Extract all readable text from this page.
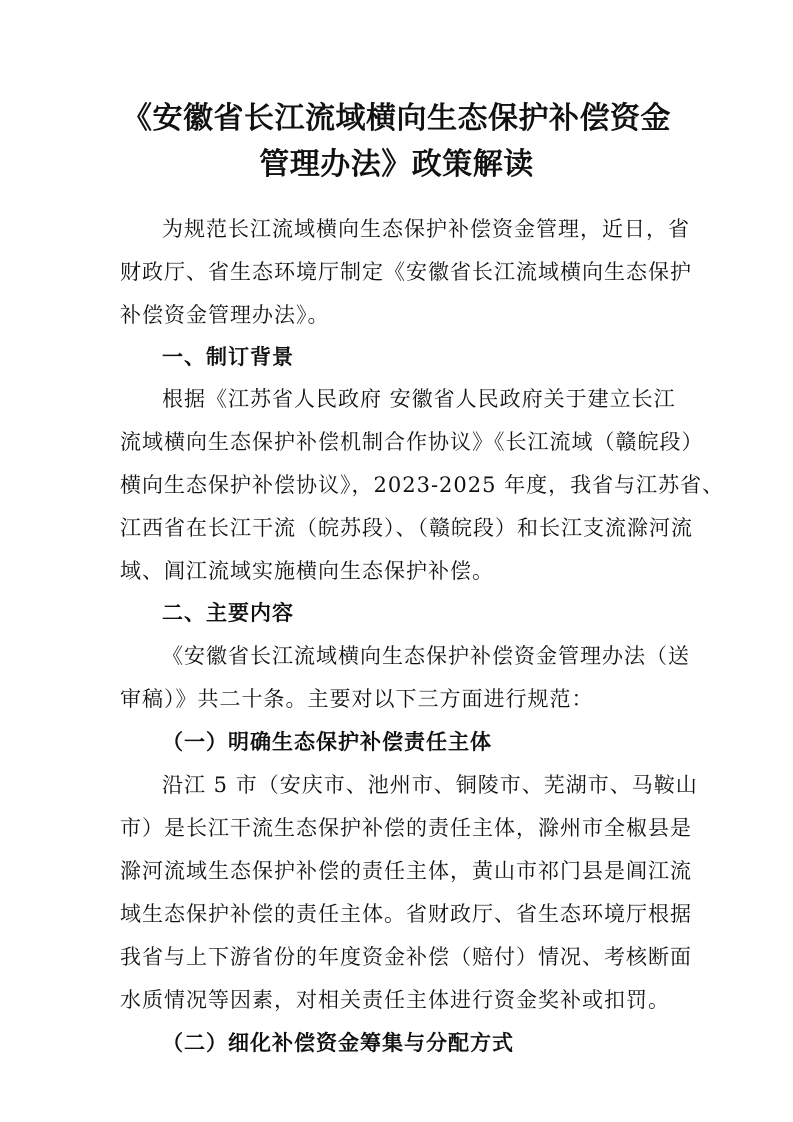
《安徽省长江流域横向生态保护补偿资金
管理办法》政策解读
为规范长江流域横向生态保护补偿资金管理，近日，省
财政厅、省生态环境厅制定《安徽省长江流域横向生态保护
补偿资金管理办法》。
一、制订背景
根据《江苏省人民政府 安徽省人民政府关于建立长江
流域横向生态保护补偿机制合作协议》《长江流域（赣皖段）
横向生态保护补偿协议》，2023-2025 年度，我省与江苏省、
江西省在长江干流（皖苏段）、（赣皖段）和长江支流滁河流
域、阊江流域实施横向生态保护补偿。
二、主要内容
《安徽省长江流域横向生态保护补偿资金管理办法（送
审稿）》共二十条。主要对以下三方面进行规范：
（一）明确生态保护补偿责任主体
沿江 5 市（安庆市、池州市、铜陵市、芜湖市、马鞍山
市）是长江干流生态保护补偿的责任主体，滁州市全椒县是
滁河流域生态保护补偿的责任主体，黄山市祁门县是阊江流
域生态保护补偿的责任主体。省财政厅、省生态环境厅根据
我省与上下游省份的年度资金补偿（赔付）情况、考核断面
水质情况等因素，对相关责任主体进行资金奖补或扣罚。
（二）细化补偿资金筹集与分配方式
